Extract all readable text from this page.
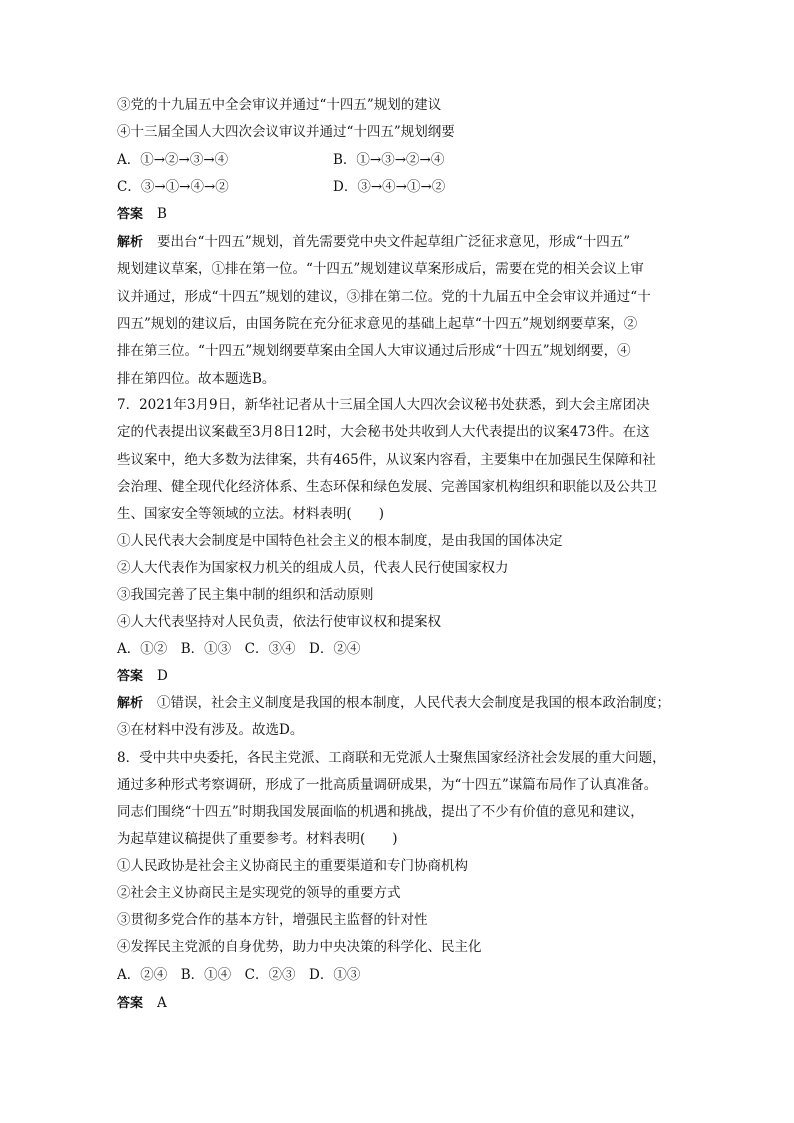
③党的十九届五中全会审议并通过“十四五”规划的建议
④十三届全国人大四次会议审议并通过“十四五”规划纲要
A．①→②→③→④	B．①→③→②→④
C．③→①→④→②	D．③→④→①→②
答案 B
解析 要出台“十四五”规划，首先需要党中央文件起草组广泛征求意见，形成“十四五”
规划建议草案，①排在第一位。“十四五”规划建议草案形成后，需要在党的相关会议上审
议并通过，形成“十四五”规划的建议，③排在第二位。党的十九届五中全会审议并通过“十
四五”规划的建议后，由国务院在充分征求意见的基础上起草“十四五”规划纲要草案，②
排在第三位。“十四五”规划纲要草案由全国人大审议通过后形成“十四五”规划纲要，④
排在第四位。故本题选B。
7．2021年3月9日，新华社记者从十三届全国人大四次会议秘书处获悉，到大会主席团决
定的代表提出议案截至3月8日12时，大会秘书处共收到人大代表提出的议案473件。在这
些议案中，绝大多数为法律案，共有465件，从议案内容看，主要集中在加强民生保障和社
会治理、健全现代化经济体系、生态环保和绿色发展、完善国家机构组织和职能以及公共卫
生、国家安全等领域的立法。材料表明(　　)
①人民代表大会制度是中国特色社会主义的根本制度，是由我国的国体决定
②人大代表作为国家权力机关的组成人员，代表人民行使国家权力
③我国完善了民主集中制的组织和活动原则
④人大代表坚持对人民负责，依法行使审议权和提案权
A．①②　B．①③　C．③④　D．②④
答案 D
解析 ①错误，社会主义制度是我国的根本制度，人民代表大会制度是我国的根本政治制度；
③在材料中没有涉及。故选D。
8．受中共中央委托，各民主党派、工商联和无党派人士聚焦国家经济社会发展的重大问题，
通过多种形式考察调研，形成了一批高质量调研成果，为“十四五”谋篇布局作了认真准备。
同志们围绕“十四五”时期我国发展面临的机遇和挑战，提出了不少有价值的意见和建议，
为起草建议稿提供了重要参考。材料表明(　　)
①人民政协是社会主义协商民主的重要渠道和专门协商机构
②社会主义协商民主是实现党的领导的重要方式
③贯彻多党合作的基本方针，增强民主监督的针对性
④发挥民主党派的自身优势，助力中央决策的科学化、民主化
A．②④　B．①④　C．②③　D．①③
答案 A
